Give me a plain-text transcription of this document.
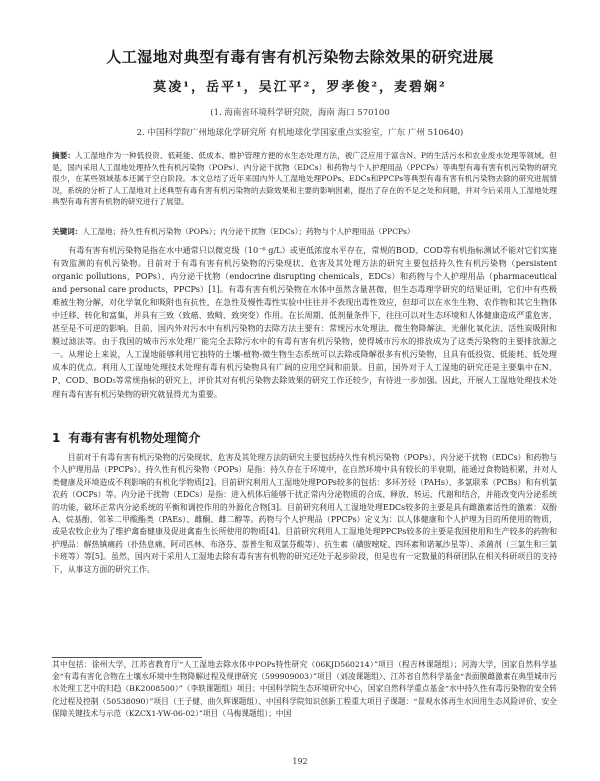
人工湿地对典型有毒有害有机污染物去除效果的研究进展
莫凌¹，岳平¹，吴江平²，罗孝俊²，麦碧娴²
(1. 海南省环境科学研究院，海南 海口 570100
2. 中国科学院广州地球化学研究所 有机地球化学国家重点实验室，广东 广州 510640)
摘要：人工湿地作为一种低投资、低耗能、低成本、维护管理方便的水生态处理方法，被广泛应用于富含N、P的生活污水和农业废水处理等领域。但是，国内采用人工湿地处理持久性有机污染物（POPs）、内分泌干扰物（EDCs）和药物与个人护理用品（PPCPs）等典型有毒有害有机污染物的研究很少，在某些领域基本还属于空白阶段。本文总结了近年来国内外人工湿地处理POPs、EDCs和PPCPs等典型有毒有害有机污染物去除的研究进展情况，系统的分析了人工湿地对上述典型有毒有害有机污染物的去除效果和主要的影响因素，提出了存在的不足之处和问题，并对今后采用人工湿地处理典型有毒有害有机物的研究进行了展望。
关键词：人工湿地；持久性有机污染物（POPs）；内分泌干扰物（EDCs）；药物与个人护理用品（PPCPs）
有毒有害有机污染物是指在水中通常只以微克级（10⁻⁶ g/L）或更低浓度水平存在，常规的BOD、COD等有机指标测试不能对它们实施有效监测的有机污染物。目前对于有毒有害有机污染物的污染现状、危害及其处理方法的研究主要包括持久性有机污染物（persistent organic pollutions，POPs）、内分泌干扰物（endocrine disrupting chemicals，EDCs）和药物与个人护理用品（pharmaceutical and personal care products，PPCPs）[1]。有毒有害有机污染物在水体中虽然含量甚微，但生态毒理学研究的结果证明，它们中有些极难被生物分解，对化学氧化和吸附也有抗性，在急性及慢性毒性实验中往往并不表现出毒性效应，但却可以在水生生物、农作物和其它生物体中迁移、转化和富集，并具有三致（致癌、致畸、致突变）作用。在长周期、低剂量条件下，往往可以对生态环境和人体健康造成严重危害，甚至是不可逆的影响。目前，国内外对污水中有机污染物的去除方法主要有：常规污水处理法、微生物降解法、光催化氧化法、活性炭吸附和膜过滤法等。由于我国的城市污水处理厂能完全去除污水中的有毒有害有机污染物，使得城市污水的排放成为了这类污染物的主要排放源之一。从理论上来说，人工湿地能够利用它独特的土壤-植物-微生物生态系统可以去除或降解很多有机污染物，且具有低投资、低能耗、低处理成本的优点。利用人工湿地处理技术处理有毒有机污染物具有广阔的应用空间和前景。目前，国外对于人工湿地的研究还是主要集中在N、P、COD、BOD₅等常规指标的研究上，评价其对有机污染物去除效果的研究工作还较少，有待进一步加强。因此，开展人工湿地处理技术处理有毒有害有机污染物的研究就显得尤为重要。
1 有毒有害有机物处理简介
目前对于有毒有害有机污染物的污染现状、危害及其处理方法的研究主要包括持久性有机污染物（POPs）、内分泌干扰物（EDCs）和药物与个人护理用品（PPCPs）。持久性有机污染物（POPs）是指：持久存在于环境中，在自然环境中具有较长的半衰期，能通过食物链积累，并对人类健康及环境造成不利影响的有机化学物质[2]。目前研究利用人工湿地处理POPs较多的包括：多环芳烃（PAHs）、多氯联苯（PCBs）和有机氯农药（OCPs）等。内分泌干扰物（EDCs）是指：进入机体后能够干扰正常内分泌物质的合成、释放、转运、代谢和结合，并能改变内分泌系统的功能，破坏正常内分泌系统的平衡和调控作用的外源化合物[3]。目前研究利用人工湿地处理EDCs较多的主要是具有雌激素活性的激素：双酚A、烷基酚、邻苯二甲酸酯类（PAEs）、雌酮、雌二醇等。药物与个人护理品（PPCPs）定义为：以人体健康和个人护理为目的所使用的物质，或是农牧企业为了维护禽畜健康及促进禽畜生长所使用的物质[4]。目前研究利用人工湿地处理PPCPs较多的主要是我国使用和生产较多的药物和护理品：解热镇痛药（扑热息痛、阿司匹林、布洛芬、萘普生和双氯芬酸等）、抗生素（磺胺嘧啶、四环素和诺氟沙星等）、杀菌剂（三氯生和三氯卡班等）等[5]。虽然，国内对于采用人工湿地去除有毒有害有机物的研究还处于起步阶段，但是也有一定数量的科研团队在相关科研项目的支持下，从事这方面的研究工作。
其中包括：徐州大学，江苏省教育厅“人工湿地去除水体中POPs特性研究（06KJD560214）”项目（程吉林课题组）；河海大学，国家自然科学基金“有毒有害化合物在土壤水环境中生物降解过程及规律研究（599909003）”项目（刘凌课题组）、江苏省自然科学基金“表面膜雌激素在典型城市污水处理工艺中的归趋（BK2008500）”（李轶课题组）项目；中国科学院生态环境研究中心，国家自然科学重点基金“水中持久性有毒污染物的安全转化过程及控制（50538090）”项目（王子健、曲久辉课题组）、中国科学院知识创新工程重大项目子课题：“景观水体再生水回用生态风险评价、安全保障关键技术与示范（KZCX1-YW-06-02）”项目（马梅课题组）；中国
192
